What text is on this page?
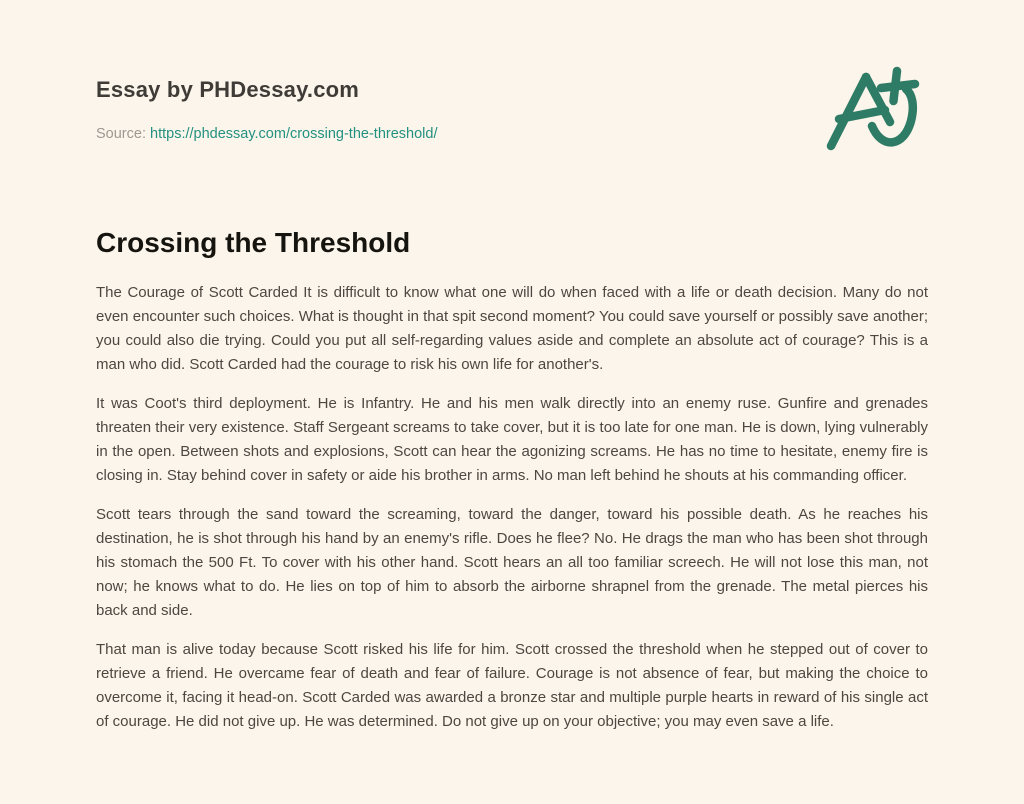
Essay by PHDessay.com
Source: https://phdessay.com/crossing-the-threshold/
Crossing the Threshold

The Courage of Scott Carded It is difficult to know what one will do when faced with a life or death decision. Many do not even encounter such choices. What is thought in that spit second moment? You could save yourself or possibly save another; you could also die trying. Could you put all self-regarding values aside and complete an absolute act of courage? This is a man who did. Scott Carded had the courage to risk his own life for another's.

It was Coot's third deployment. He is Infantry. He and his men walk directly into an enemy ruse. Gunfire and grenades threaten their very existence. Staff Sergeant screams to take cover, but it is too late for one man. He is down, lying vulnerably in the open. Between shots and explosions, Scott can hear the agonizing screams. He has no time to hesitate, enemy fire is closing in. Stay behind cover in safety or aide his brother in arms. No man left behind he shouts at his commanding officer.

Scott tears through the sand toward the screaming, toward the danger, toward his possible death. As he reaches his destination, he is shot through his hand by an enemy's rifle. Does he flee? No. He drags the man who has been shot through his stomach the 500 Ft. To cover with his other hand. Scott hears an all too familiar screech. He will not lose this man, not now; he knows what to do. He lies on top of him to absorb the airborne shrapnel from the grenade. The metal pierces his back and side.

That man is alive today because Scott risked his life for him. Scott crossed the threshold when he stepped out of cover to retrieve a friend. He overcame fear of death and fear of failure. Courage is not absence of fear, but making the choice to overcome it, facing it head-on. Scott Carded was awarded a bronze star and multiple purple hearts in reward of his single act of courage. He did not give up. He was determined. Do not give up on your objective; you may even save a life.
